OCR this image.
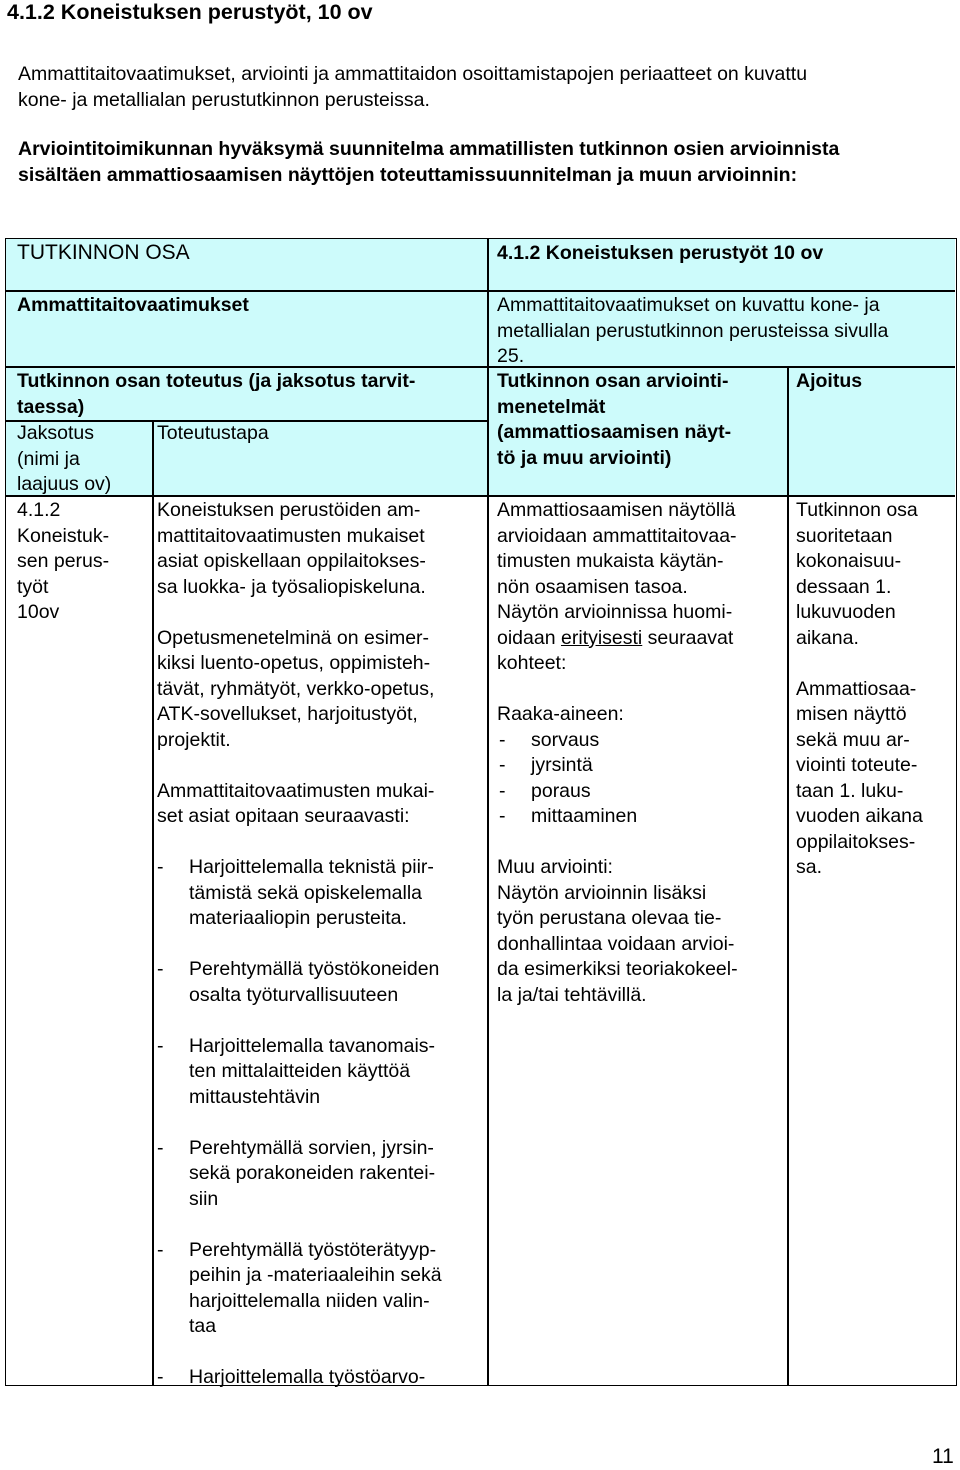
4.1.2 Koneistuksen perustyöt, 10 ov
Ammattitaitovaatimukset, arviointi ja ammattitaidon osoittamistapojen periaatteet on kuvattu
kone- ja metallialan perustutkinnon perusteissa.
Arviointitoimikunnan hyväksymä suunnitelma ammatillisten tutkinnon osien arvioinnista
sisältäen ammattiosaamisen näyttöjen toteuttamissuunnitelman ja muun arvioinnin:
TUTKINNON OSA	4.1.2 Koneistuksen perustyöt 10 ov
Ammattitaitovaatimukset	Ammattitaitovaatimukset on kuvattu kone- ja
metallialan perustutkinnon perusteissa sivulla
25.
Tutkinnon osan toteutus (ja jaksotus tarvit-
taessa)
Tutkinnon osan arviointi-
menetelmät
(ammattiosaamisen näyt-
tö ja muu arviointi)
Ajoitus
Jaksotus
(nimi ja
laajuus ov)
Toteutustapa
4.1.2
Koneistuk-
sen perus-
työt
10ov
Koneistuksen perustöiden am-
mattitaitovaatimusten mukaiset
asiat opiskellaan oppilaitokses-
sa luokka- ja työsaliopiskeluna.
Opetusmenetelminä on esimer-
kiksi luento-opetus, oppimisteh-
tävät, ryhmätyöt, verkko-opetus,
ATK-sovellukset, harjoitustyöt,
projektit.
Ammattitaitovaatimusten mukai-
set asiat opitaan seuraavasti:
- Harjoittelemalla teknistä piir-
tämistä sekä opiskelemalla
materiaaliopin perusteita.
- Perehtymällä työstökoneiden
osalta työturvallisuuteen
- Harjoittelemalla tavanomais-
ten mittalaitteiden käyttöä
mittaustehtävin
- Perehtymällä sorvien, jyrsin-
sekä porakoneiden rakentei-
siin
- Perehtymällä työstöterätyyp-
peihin ja -materiaaleihin sekä
harjoittelemalla niiden valin-
taa
- Harjoittelemalla työstöarvo-
Ammattiosaamisen näytöllä
arvioidaan ammattitaitovaa-
timusten mukaista käytän-
nön osaamisen tasoa.
Näytön arvioinnissa huomi-
oidaan erityisesti seuraavat
kohteet:
Raaka-aineen:
- sorvaus
- jyrsintä
- poraus
- mittaaminen
Muu arviointi:
Näytön arvioinnin lisäksi
työn perustana olevaa tie-
donhallintaa voidaan arvioi-
da esimerkiksi teoriakokeel-
la ja/tai tehtävillä.
Tutkinnon osa
suoritetaan
kokonaisuu-
dessaan 1.
lukuvuoden
aikana.
Ammattiosaa-
misen näyttö
sekä muu ar-
viointi toteute-
taan 1. luku-
vuoden aikana
oppilaitokses-
sa.
11
